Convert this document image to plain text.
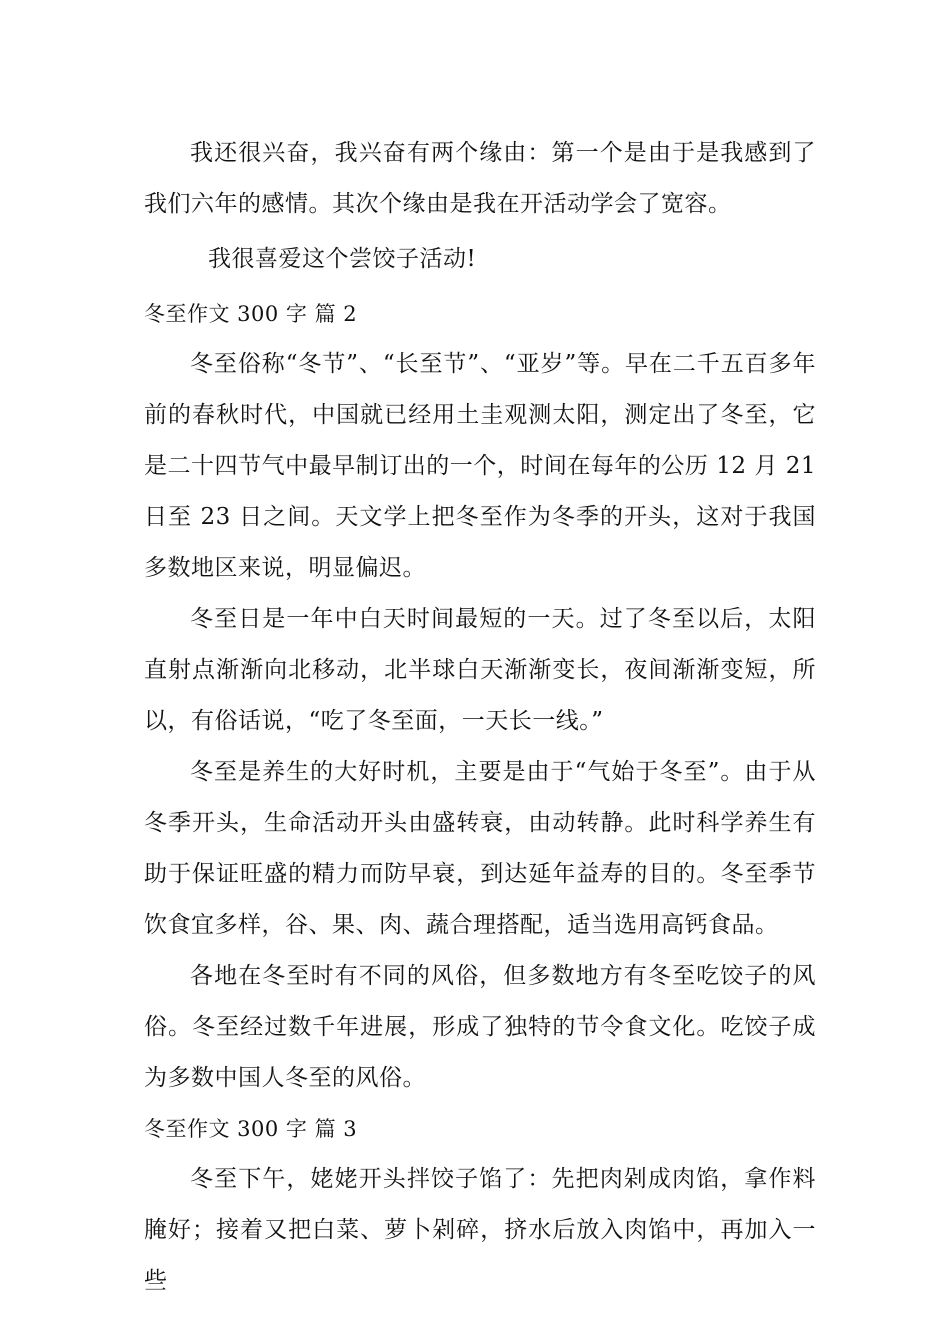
我还很兴奋，我兴奋有两个缘由：第一个是由于是我感到了我们六年的感情。其次个缘由是我在开活动学会了宽容。

我很喜爱这个尝饺子活动!

冬至作文 300 字 篇 2

冬至俗称“冬节”、“长至节”、“亚岁”等。早在二千五百多年前的春秋时代，中国就已经用土圭观测太阳，测定出了冬至，它是二十四节气中最早制订出的一个，时间在每年的公历 12 月 21 日至 23 日之间。天文学上把冬至作为冬季的开头，这对于我国多数地区来说，明显偏迟。

冬至日是一年中白天时间最短的一天。过了冬至以后，太阳直射点渐渐向北移动，北半球白天渐渐变长，夜间渐渐变短，所以，有俗话说，“吃了冬至面，一天长一线。”

冬至是养生的大好时机，主要是由于“气始于冬至”。由于从冬季开头，生命活动开头由盛转衰，由动转静。此时科学养生有助于保证旺盛的精力而防早衰，到达延年益寿的目的。冬至季节饮食宜多样，谷、果、肉、蔬合理搭配，适当选用高钙食品。

各地在冬至时有不同的风俗，但多数地方有冬至吃饺子的风俗。冬至经过数千年进展，形成了独特的节令食文化。吃饺子成为多数中国人冬至的风俗。

冬至作文 300 字 篇 3

冬至下午，姥姥开头拌饺子馅了：先把肉剁成肉馅，拿作料腌好；接着又把白菜、萝卜剁碎，挤水后放入肉馅中，再加入一些
